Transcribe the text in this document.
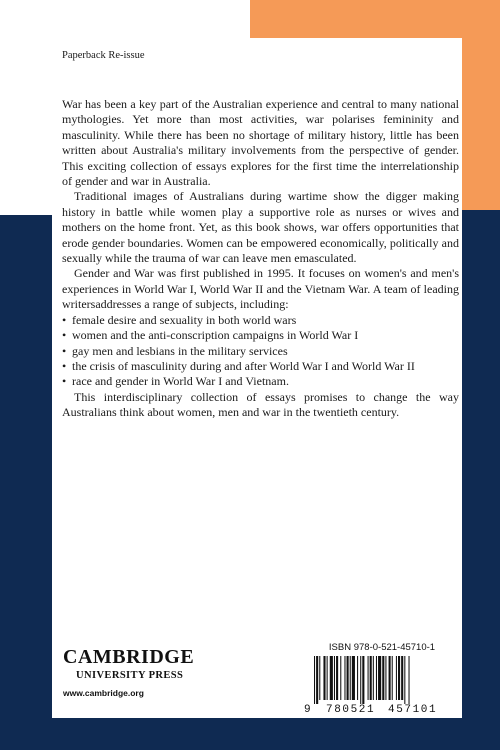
Paperback Re-issue

War has been a key part of the Australian experience and central to many national mythologies. Yet more than most activities, war polarises femininity and masculinity. While there has been no shortage of military history, little has been written about Australia's military involvements from the perspective of gender. This exciting collection of essays explores for the first time the interrelationship of gender and war in Australia.

Traditional images of Australians during wartime show the digger making history in battle while women play a supportive role as nurses or wives and mothers on the home front. Yet, as this book shows, war offers opportunities that erode gender boundaries. Women can be empowered economically, politically and sexually while the trauma of war can leave men emasculated.

Gender and War was first published in 1995. It focuses on women's and men's experiences in World War I, World War II and the Vietnam War. A team of leading writersaddresses a range of subjects, including:

• female desire and sexuality in both world wars
• women and the anti-conscription campaigns in World War I
• gay men and lesbians in the military services
• the crisis of masculinity during and after World War I and World War II
• race and gender in World War I and Vietnam.

This interdisciplinary collection of essays promises to change the way Australians think about women, men and war in the twentieth century.

CAMBRIDGE
UNIVERSITY PRESS
www.cambridge.org
ISBN 978-0-521-45710-1
9 780521 457101
